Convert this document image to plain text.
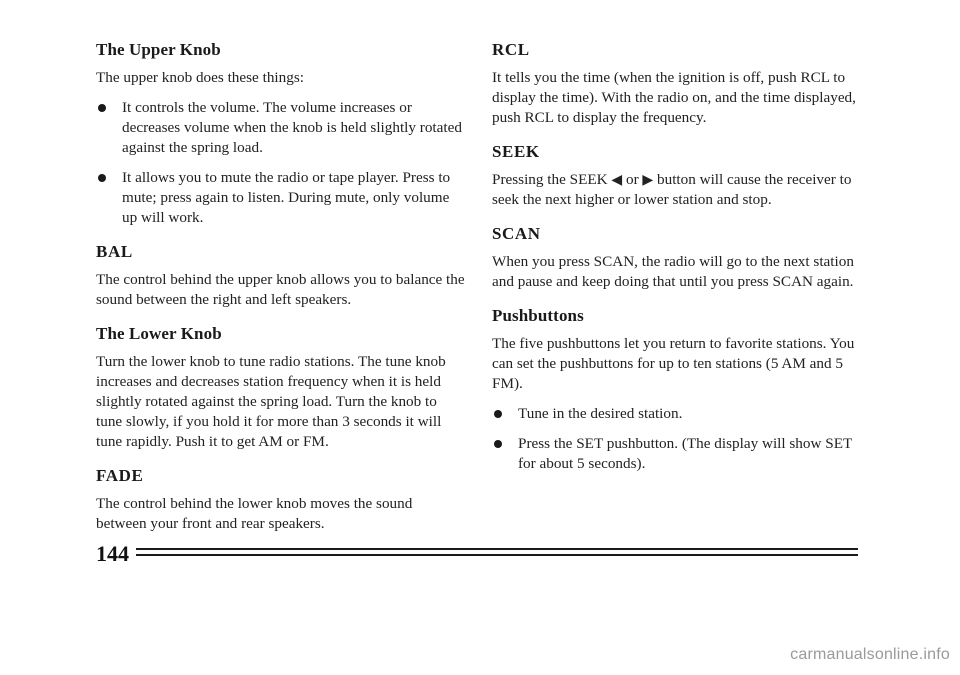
The Upper Knob

The upper knob does these things:

It controls the volume. The volume increases or decreases volume when the knob is held slightly rotated against the spring load.
It allows you to mute the radio or tape player. Press to mute; press again to listen. During mute, only volume up will work.
BAL

The control behind the upper knob allows you to balance the sound between the right and left speakers.

The Lower Knob

Turn the lower knob to tune radio stations. The tune knob increases and decreases station frequency when it is held slightly rotated against the spring load. Turn the knob to tune slowly, if you hold it for more than 3 seconds it will tune rapidly. Push it to get AM or FM.

FADE

The control behind the lower knob moves the sound between your front and rear speakers.

RCL

It tells you the time (when the ignition is off, push RCL to display the time). With the radio on, and the time displayed, push RCL to display the frequency.

SEEK

Pressing the SEEK ◀ or ▶ button will cause the receiver to seek the next higher or lower station and stop.

SCAN

When you press SCAN, the radio will go to the next station and pause and keep doing that until you press SCAN again.

Pushbuttons

The five pushbuttons let you return to favorite stations. You can set the pushbuttons for up to ten stations (5 AM and 5 FM).

Tune in the desired station.
Press the SET pushbutton. (The display will show SET for about 5 seconds).
144
carmanualsonline.info
